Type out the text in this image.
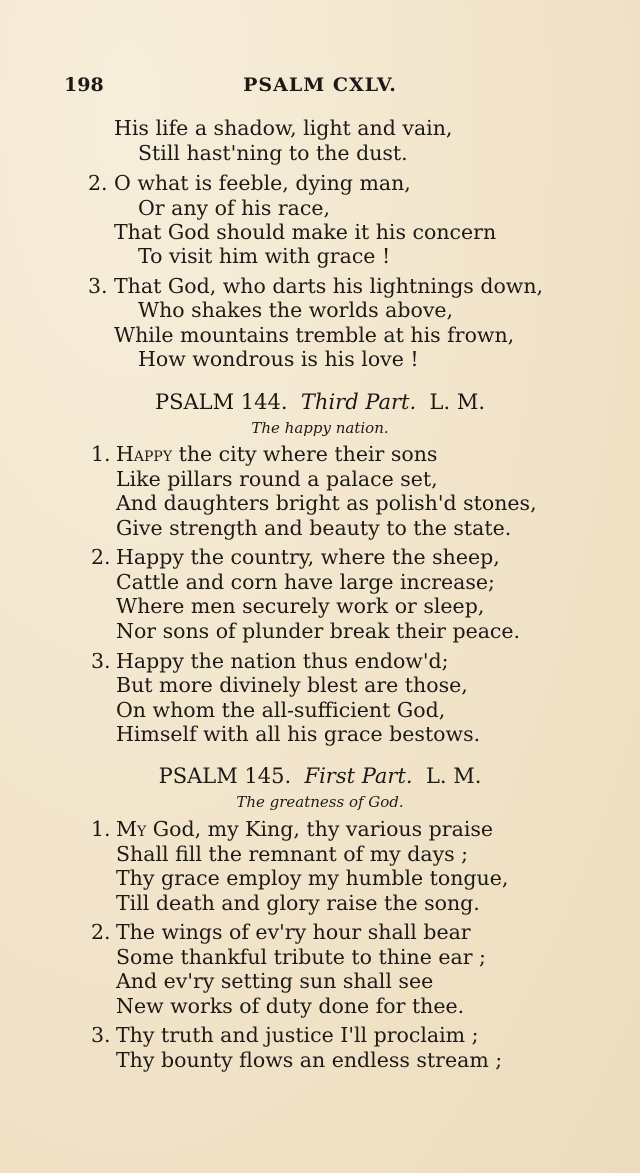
198	PSALM CXLV.
His life a shadow, light and vain,
Still hast'ning to the dust.
2. O what is feeble, dying man,
Or any of his race,
That God should make it his concern
To visit him with grace !
3. That God, who darts his lightnings down,
Who shakes the worlds above,
While mountains tremble at his frown,
How wondrous is his love !
PSALM 144. Third Part. L. M.
The happy nation.
1. Happy the city where their sons
Like pillars round a palace set,
And daughters bright as polish'd stones,
Give strength and beauty to the state.
2. Happy the country, where the sheep,
Cattle and corn have large increase;
Where men securely work or sleep,
Nor sons of plunder break their peace.
3. Happy the nation thus endow'd;
But more divinely blest are those,
On whom the all-sufficient God,
Himself with all his grace bestows.
PSALM 145. First Part. L. M.
The greatness of God.
1. My God, my King, thy various praise
Shall fill the remnant of my days ;
Thy grace employ my humble tongue,
Till death and glory raise the song.
2. The wings of ev'ry hour shall bear
Some thankful tribute to thine ear ;
And ev'ry setting sun shall see
New works of duty done for thee.
3. Thy truth and justice I'll proclaim ;
Thy bounty flows an endless stream ;
